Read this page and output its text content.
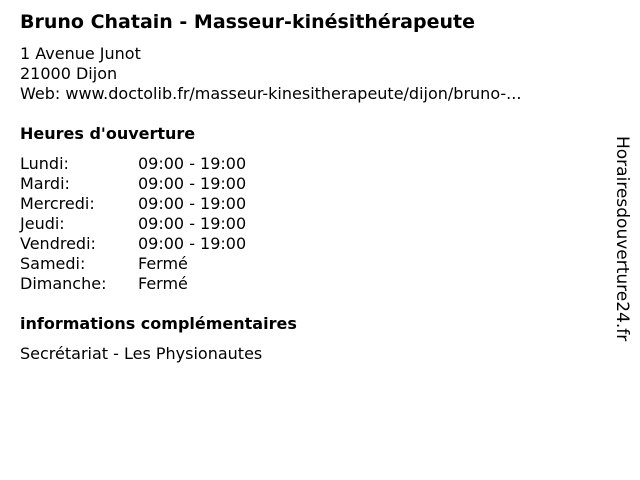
Bruno Chatain - Masseur-kinésithérapeute
1 Avenue Junot
21000 Dijon
Web: www.doctolib.fr/masseur-kinesitherapeute/dijon/bruno-...
Heures d'ouverture
Lundi:	09:00 - 19:00
Mardi:	09:00 - 19:00
Mercredi:	09:00 - 19:00
Jeudi:	09:00 - 19:00
Vendredi:	09:00 - 19:00
Samedi:	Fermé
Dimanche: Fermé
informations complémentaires
Secrétariat - Les Physionautes
Horairesdouverture24.fr
